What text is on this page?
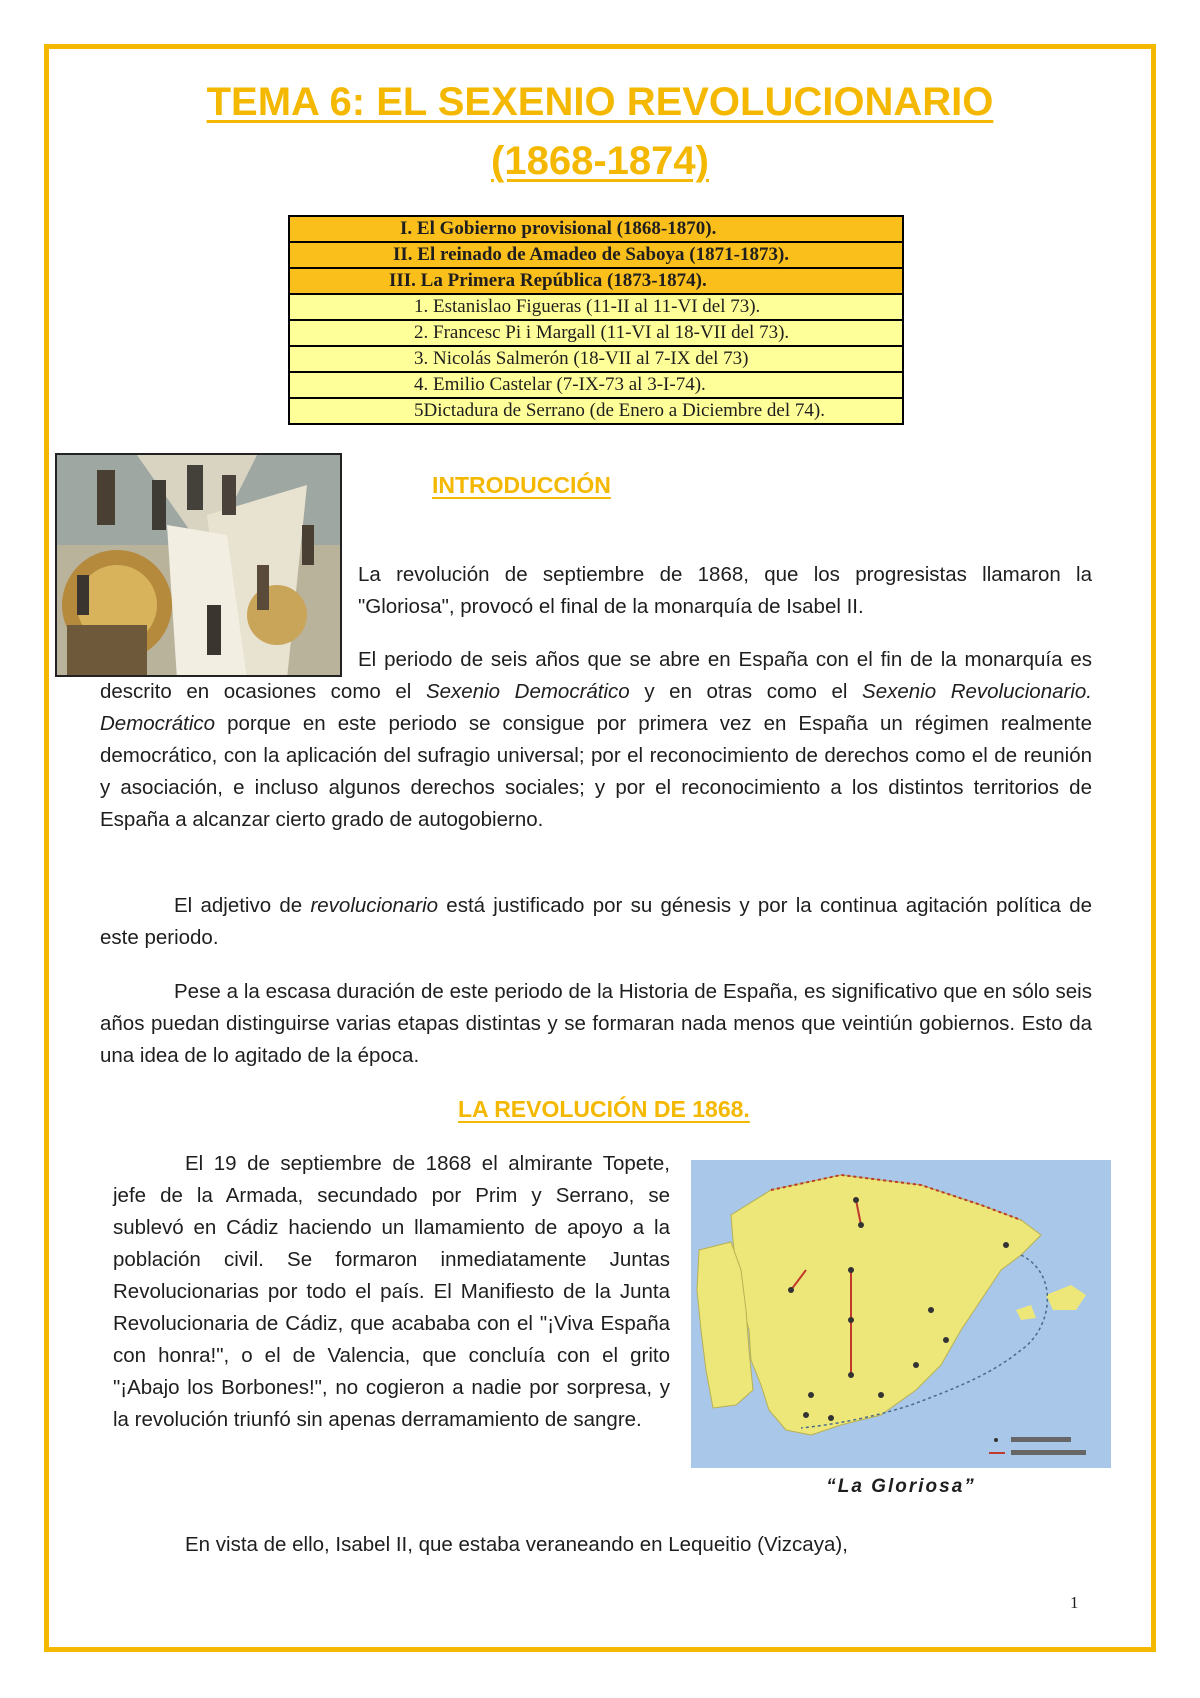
TEMA 6: EL SEXENIO REVOLUCIONARIO
(1868-1874)
I. El Gobierno provisional (1868-1870).
II. El reinado de Amadeo de Saboya (1871-1873).
III. La Primera República (1873-1874).
1. Estanislao Figueras (11-II al 11-VI del 73).
2. Francesc Pi i Margall (11-VI al 18-VII del 73).
3. Nicolás Salmerón (18-VII al 7-IX del 73)
4. Emilio Castelar (7-IX-73 al 3-I-74).
5Dictadura de Serrano (de Enero a Diciembre del 74).
INTRODUCCIÓN

La revolución de septiembre de 1868, que los progresistas llamaron la "Gloriosa", provocó el final de la monarquía de Isabel II.

El periodo de seis años que se abre en España con el fin de la monarquía es descrito en ocasiones como el Sexenio Democrático y en otras como el Sexenio Revolucionario. Democrático porque en este periodo se consigue por primera vez en España un régimen realmente democrático, con la aplicación del sufragio universal; por el reconocimiento de derechos como el de reunión y asociación, e incluso algunos derechos sociales; y por el reconocimiento a los distintos territorios de España a alcanzar cierto grado de autogobierno.

El adjetivo de revolucionario está justificado por su génesis y por la continua agitación política de este periodo.

Pese a la escasa duración de este periodo de la Historia de España, es significativo que en sólo seis años puedan distinguirse varias etapas distintas y se formaran nada menos que veintiún gobiernos. Esto da una idea de lo agitado de la época.

LA REVOLUCIÓN DE 1868.

El 19 de septiembre de 1868 el almirante Topete, jefe de la Armada, secundado por Prim y Serrano, se sublevó en Cádiz haciendo un llamamiento de apoyo a la población civil. Se formaron inmediatamente Juntas Revolucionarias por todo el país. El Manifiesto de la Junta Revolucionaria de Cádiz, que acababa con el "¡Viva España con honra!", o el de Valencia, que concluía con el grito "¡Abajo los Borbones!", no cogieron a nadie por sorpresa, y la revolución triunfó sin apenas derramamiento de sangre.

“La Gloriosa”

En vista de ello, Isabel II, que estaba veraneando en Lequeitio (Vizcaya),

1
